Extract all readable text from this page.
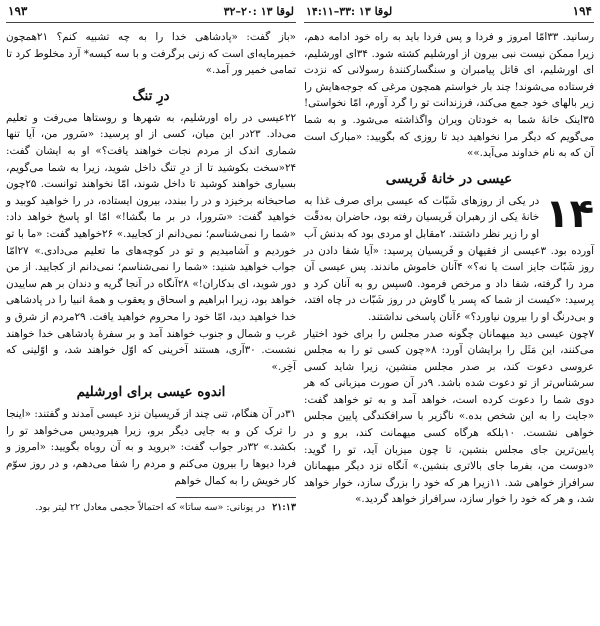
لوقا ۱۳ :۲۰–۳۲
۱۹۳

«باز گفت: «پادشاهی خدا را به چه تشبیه کنم؟ ۲۱همچون خمیرمایه‌ای است که زنی برگرفت و با سه کیسه* آرد مخلوط کرد تا تمامی خمیر ور آمد.»

درِ تنگ

۲۲عیسی در راه اورشلیم، به شهرها و روستاها می‌رفت و تعلیم می‌داد. ۲۳در این میان، کسی از او پرسید: «سَرور من، آیا تنها شماری اندک از مردم نجات خواهند یافت؟» او به ایشان گفت: ۲۴«سخت بکوشید تا از درِ تنگ داخل شوید، زیرا به شما می‌گویم، بسیاری خواهند کوشید تا داخل شوند، امّا نخواهند توانست. ۲۵چون صاحبخانه برخیزد و در را ببندد، بیرون ایستاده، در را خواهید کوبید و خواهید گفت: «سَرورا، در بر ما بگشا!» امّا او پاسخ خواهد داد: «شما را نمی‌شناسم؛ نمی‌دانم از کجایید.» ۲۶خواهید گفت: «ما با تو خوردیم و آشامیدیم و تو در کوچه‌های ما تعلیم می‌دادی.» ۲۷امّا جواب خواهید شنید: «شما را نمی‌شناسم؛ نمی‌دانم از کجایید. از من دور شوید، ای بدکاران!» ۲۸آنگاه در آنجا گریه و دندان بر هم ساییدن خواهد بود، زیرا ابراهیم و اسحاق و یعقوب و همهٔ انبیا را در پادشاهی خدا خواهید دید، امّا خود را محروم خواهید یافت. ۲۹مردم از شرق و غرب و شمال و جنوب خواهند آمد و بر سفرهٔ پادشاهی خدا خواهند نشست. ۳۰آری، هستند آخرینی که اوّل خواهند شد، و اوّلینی که آخِر.»

اندوه عیسی برای اورشلیم

۳۱در آن هنگام، تنی چند از فَریسیان نزد عیسی آمدند و گفتند: «اینجا را ترک کن و به جایی دیگر برو، زیرا هیرودیس می‌خواهد تو را بکشد.» ۳۲در جواب گفت: «بروید و به آن روباه بگویید: «امروز و فردا دیوها را بیرون می‌کنم و مردم را شفا می‌دهم، و در روز سوّم کار خویش را به کمال خواهم

۲۱:۱۳ در یونانی: «سه ساتا» که احتمالاً حجمی معادل ۲۲ لیتر بود.
۱۹۴
لوقا ۱۳ :۳۳–۱۴:۱۱

رسانید. ۳۳امّا امروز و فردا و پس فردا باید به راه خود ادامه دهم، زیرا ممکن نیست نبی بیرون از اورشلیم کشته شود. ۳۴ای اورشلیم، ای اورشلیم، ای قاتل پیامبران و سنگسارکنندهٔ رسولانی که نزدت فرستاده می‌شوند! چند بار خواستم همچون مرغی که جوجه‌هایش را زیر بالهای خود جمع می‌کند، فرزندانت تو را گرد آورم، امّا نخواستی! ۳۵اینک خانهٔ شما به خودتان ویران واگذاشته می‌شود. و به شما می‌گویم که دیگر مرا نخواهید دید تا روزی که بگویید: «مبارک است آن که به نام خداوند می‌آید.»»

عیسی در خانهٔ فَریسی
۱۴

در یکی از روزهای شَبّات که عیسی برای صرف غذا به خانهٔ یکی از رهبران فَریسیان رفته بود، حاضران به‌دقّت او را زیر نظر داشتند. ۲مقابل او مردی بود که بدنش آب آورده بود. ۳عیسی از فقیهان و فَریسیان پرسید: «آیا شفا دادن در روز شَبّات جایز است یا نه؟» ۴آنان خاموش ماندند. پس عیسی آن مرد را گرفته، شفا داد و مرخص فرمود. ۵سپس رو به آنان کرد و پرسید: «کیست از شما که پسر یا گاوش در روز شَبّات در چاه افتد، و بی‌درنگ او را بیرون نیاورد؟» ۶آنان پاسخی نداشتند.

۷چون عیسی دید میهمانان چگونه صدر مجلس را برای خود اختیار می‌کنند، این مَثَل را برایشان آورد: ۸«چون کسی تو را به مجلس عروسی دعوت کند، بر صدر مجلس منشین، زیرا شاید کسی سرشناس‌تر از تو دعوت شده باشد. ۹در آن صورت میزبانی که هر دوی شما را دعوت کرده است، خواهد آمد و به تو خواهد گفت: «جایت را به این شخص بده.» ناگزیر با سرافکندگی پایین مجلس خواهی نشست. ۱۰بلکه هرگاه کسی میهمانت کند، برو و در پایین‌ترین جای مجلس بنشین، تا چون میزبان آید، تو را گوید: «دوست من، بفرما جای بالاتری بنشین.» آنگاه نزد دیگر میهمانان سرافراز خواهی شد. ۱۱زیرا هر که خود را بزرگ سازد، خوار خواهد شد، و هر که خود را خوار سازد، سرافراز خواهد گردید.»
